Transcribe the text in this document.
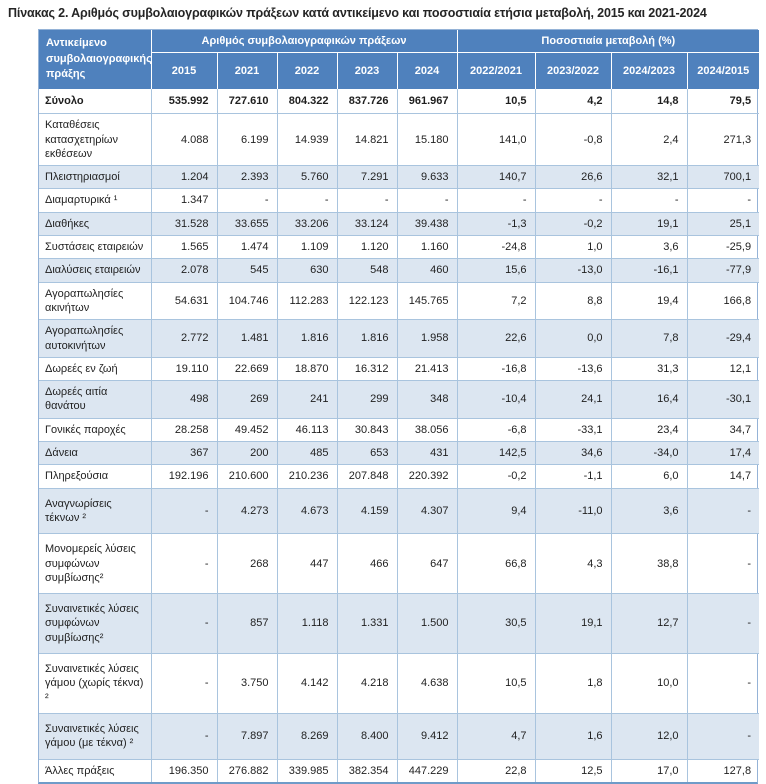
Πίνακας 2. Αριθμός συμβολαιογραφικών πράξεων κατά αντικείμενο και ποσοστιαία ετήσια μεταβολή, 2015 και 2021-2024
Αντικείμενο συμβολαιογραφικής πράξης	Αριθμός συμβολαιογραφικών πράξεων					Ποσοστιαία μεταβολή (%)			
	2015	2021	2022	2023	2024	2022/2021	2023/2022	2024/2023	2024/2015
Σύνολο	535.992	727.610	804.322	837.726	961.967	10,5	4,2	14,8	79,5
Καταθέσεις κατασχετηρίων εκθέσεων	4.088	6.199	14.939	14.821	15.180	141,0	-0,8	2,4	271,3
Πλειστηριασμοί	1.204	2.393	5.760	7.291	9.633	140,7	26,6	32,1	700,1
Διαμαρτυρικά ¹	1.347	-	-	-	-	-	-	-	-
Διαθήκες	31.528	33.655	33.206	33.124	39.438	-1,3	-0,2	19,1	25,1
Συστάσεις εταιρειών	1.565	1.474	1.109	1.120	1.160	-24,8	1,0	3,6	-25,9
Διαλύσεις εταιρειών	2.078	545	630	548	460	15,6	-13,0	-16,1	-77,9
Αγοραπωλησίες ακινήτων	54.631	104.746	112.283	122.123	145.765	7,2	8,8	19,4	166,8
Αγοραπωλησίες αυτοκινήτων	2.772	1.481	1.816	1.816	1.958	22,6	0,0	7,8	-29,4
Δωρεές εν ζωή	19.110	22.669	18.870	16.312	21.413	-16,8	-13,6	31,3	12,1
Δωρεές αιτία θανάτου	498	269	241	299	348	-10,4	24,1	16,4	-30,1
Γονικές παροχές	28.258	49.452	46.113	30.843	38.056	-6,8	-33,1	23,4	34,7
Δάνεια	367	200	485	653	431	142,5	34,6	-34,0	17,4
Πληρεξούσια	192.196	210.600	210.236	207.848	220.392	-0,2	-1,1	6,0	14,7
Αναγνωρίσεις τέκνων ²	-	4.273	4.673	4.159	4.307	9,4	-11,0	3,6	-
Μονομερείς λύσεις συμφώνων συμβίωσης²	-	268	447	466	647	66,8	4,3	38,8	-
Συναινετικές λύσεις συμφώνων συμβίωσης²	-	857	1.118	1.331	1.500	30,5	19,1	12,7	-
Συναινετικές λύσεις γάμου (χωρίς τέκνα) ²	-	3.750	4.142	4.218	4.638	10,5	1,8	10,0	-
Συναινετικές λύσεις γάμου (με τέκνα) ²	-	7.897	8.269	8.400	9.412	4,7	1,6	12,0	-
Άλλες πράξεις	196.350	276.882	339.985	382.354	447.229	22,8	12,5	17,0	127,8
